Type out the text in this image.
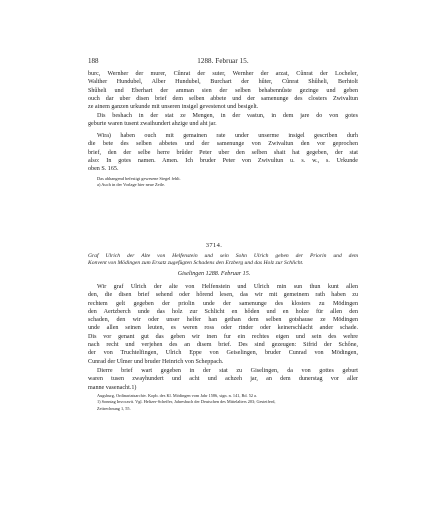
188	1288. Februar 15.
burc, Wernher der murer, Cûnrat der suter, Wernher der arzat, Cûnrat der Locheler,
Walther Hundubel, Alber Hundubel, Burchart der hûter, Cûnrat Shûheli, Berhtolt
Shûheli und Eberhart der amman sien der selben behabennûste gezinge und geben
ouch dar uber disen brief dem selben abbete und der samenunge des closters Zwivaltun
ze ainem ganzen urkunde mit unseren insigel gevestenot und besigelt.
Dis beshach in der stat ze Mengen, in der vastun, in dem jare do von gotes
geburte waren tusent zwaihundert ahzige und aht jar.
Wira) haben ouch mit gemainen rate under unserme insigel gescriben durh
die bete des selben abbetes und der samenunge von Zwivaltun den vor geprochen
brief, den der selbe herre brûder Peter uber den selben shait hat gegeben, der stat
also: In gotes namen. Amen. Ich bruder Peter von Zwivultun u. s. w., s. Urkunde
oben S. 165.
Das abhangend befestigt gewesene Siegel fehlt.
a) Auch in der Vorlage hier neue Zeile.
3714.
Graf Ulrich der Alte von Helfenstein und sein Sohn Ulrich geben der Priorin und dem
Konvent von Mödingen zum Ersatz zugefügten Schadens den Erzberg und das Holz zur Schlicht.
Giselingen 1288. Februar 15.
Wir graf Ulrich der alte von Helfenstein und Ulrich min sun thun kunt allen
den, die disen brief sehend oder hôrend lesen, das wir mit gemeinem rath haben zu
rechtem gelt gegeben der priolin unde der samenunge des klosters zu Mödingen
den Aertzberch unde das holz zur Schlicht en hôden und en holze für allen den
schaden, den wir oder unser helfer han gethan dem selben gotshause ze Mödingen
unde allen seinen leuten, es weren ross oder rinder oder keinerschlacht ander schade.
Dis vor genant gut das geben wir inen fur ein rechtes eigen und sein des wehre
nach recht und verjehen des an disem brief. Des sind gezeugen: Sifrid der Schône,
der von Truchtelfingen, Ulrich Eppe von Geiselingen, bruder Cunrad von Mödingen,
Cunrad der Ulmer und bruder Heinrich von Scheppach.
Dierre brief wart gegeben in der stat zu Giselingen, da von gottes geburt
waren tusen zwayhundert und acht und achzeh jar, an dem dunerstag vor aller
manne vasenacht.1)
Augsburg, Ordinariatsarchiv. Kopb. des Kl. Mödingen vom Jahr 1586, sign. n. 141, Bd. 52 a.
1) Sonntag Invocavit. Vgl. Heltzer-Scheffer, Jahresbuch der Deutschen des Mittelalters 203; Gesteiferd,
Zeitrechnung 1, 55.
